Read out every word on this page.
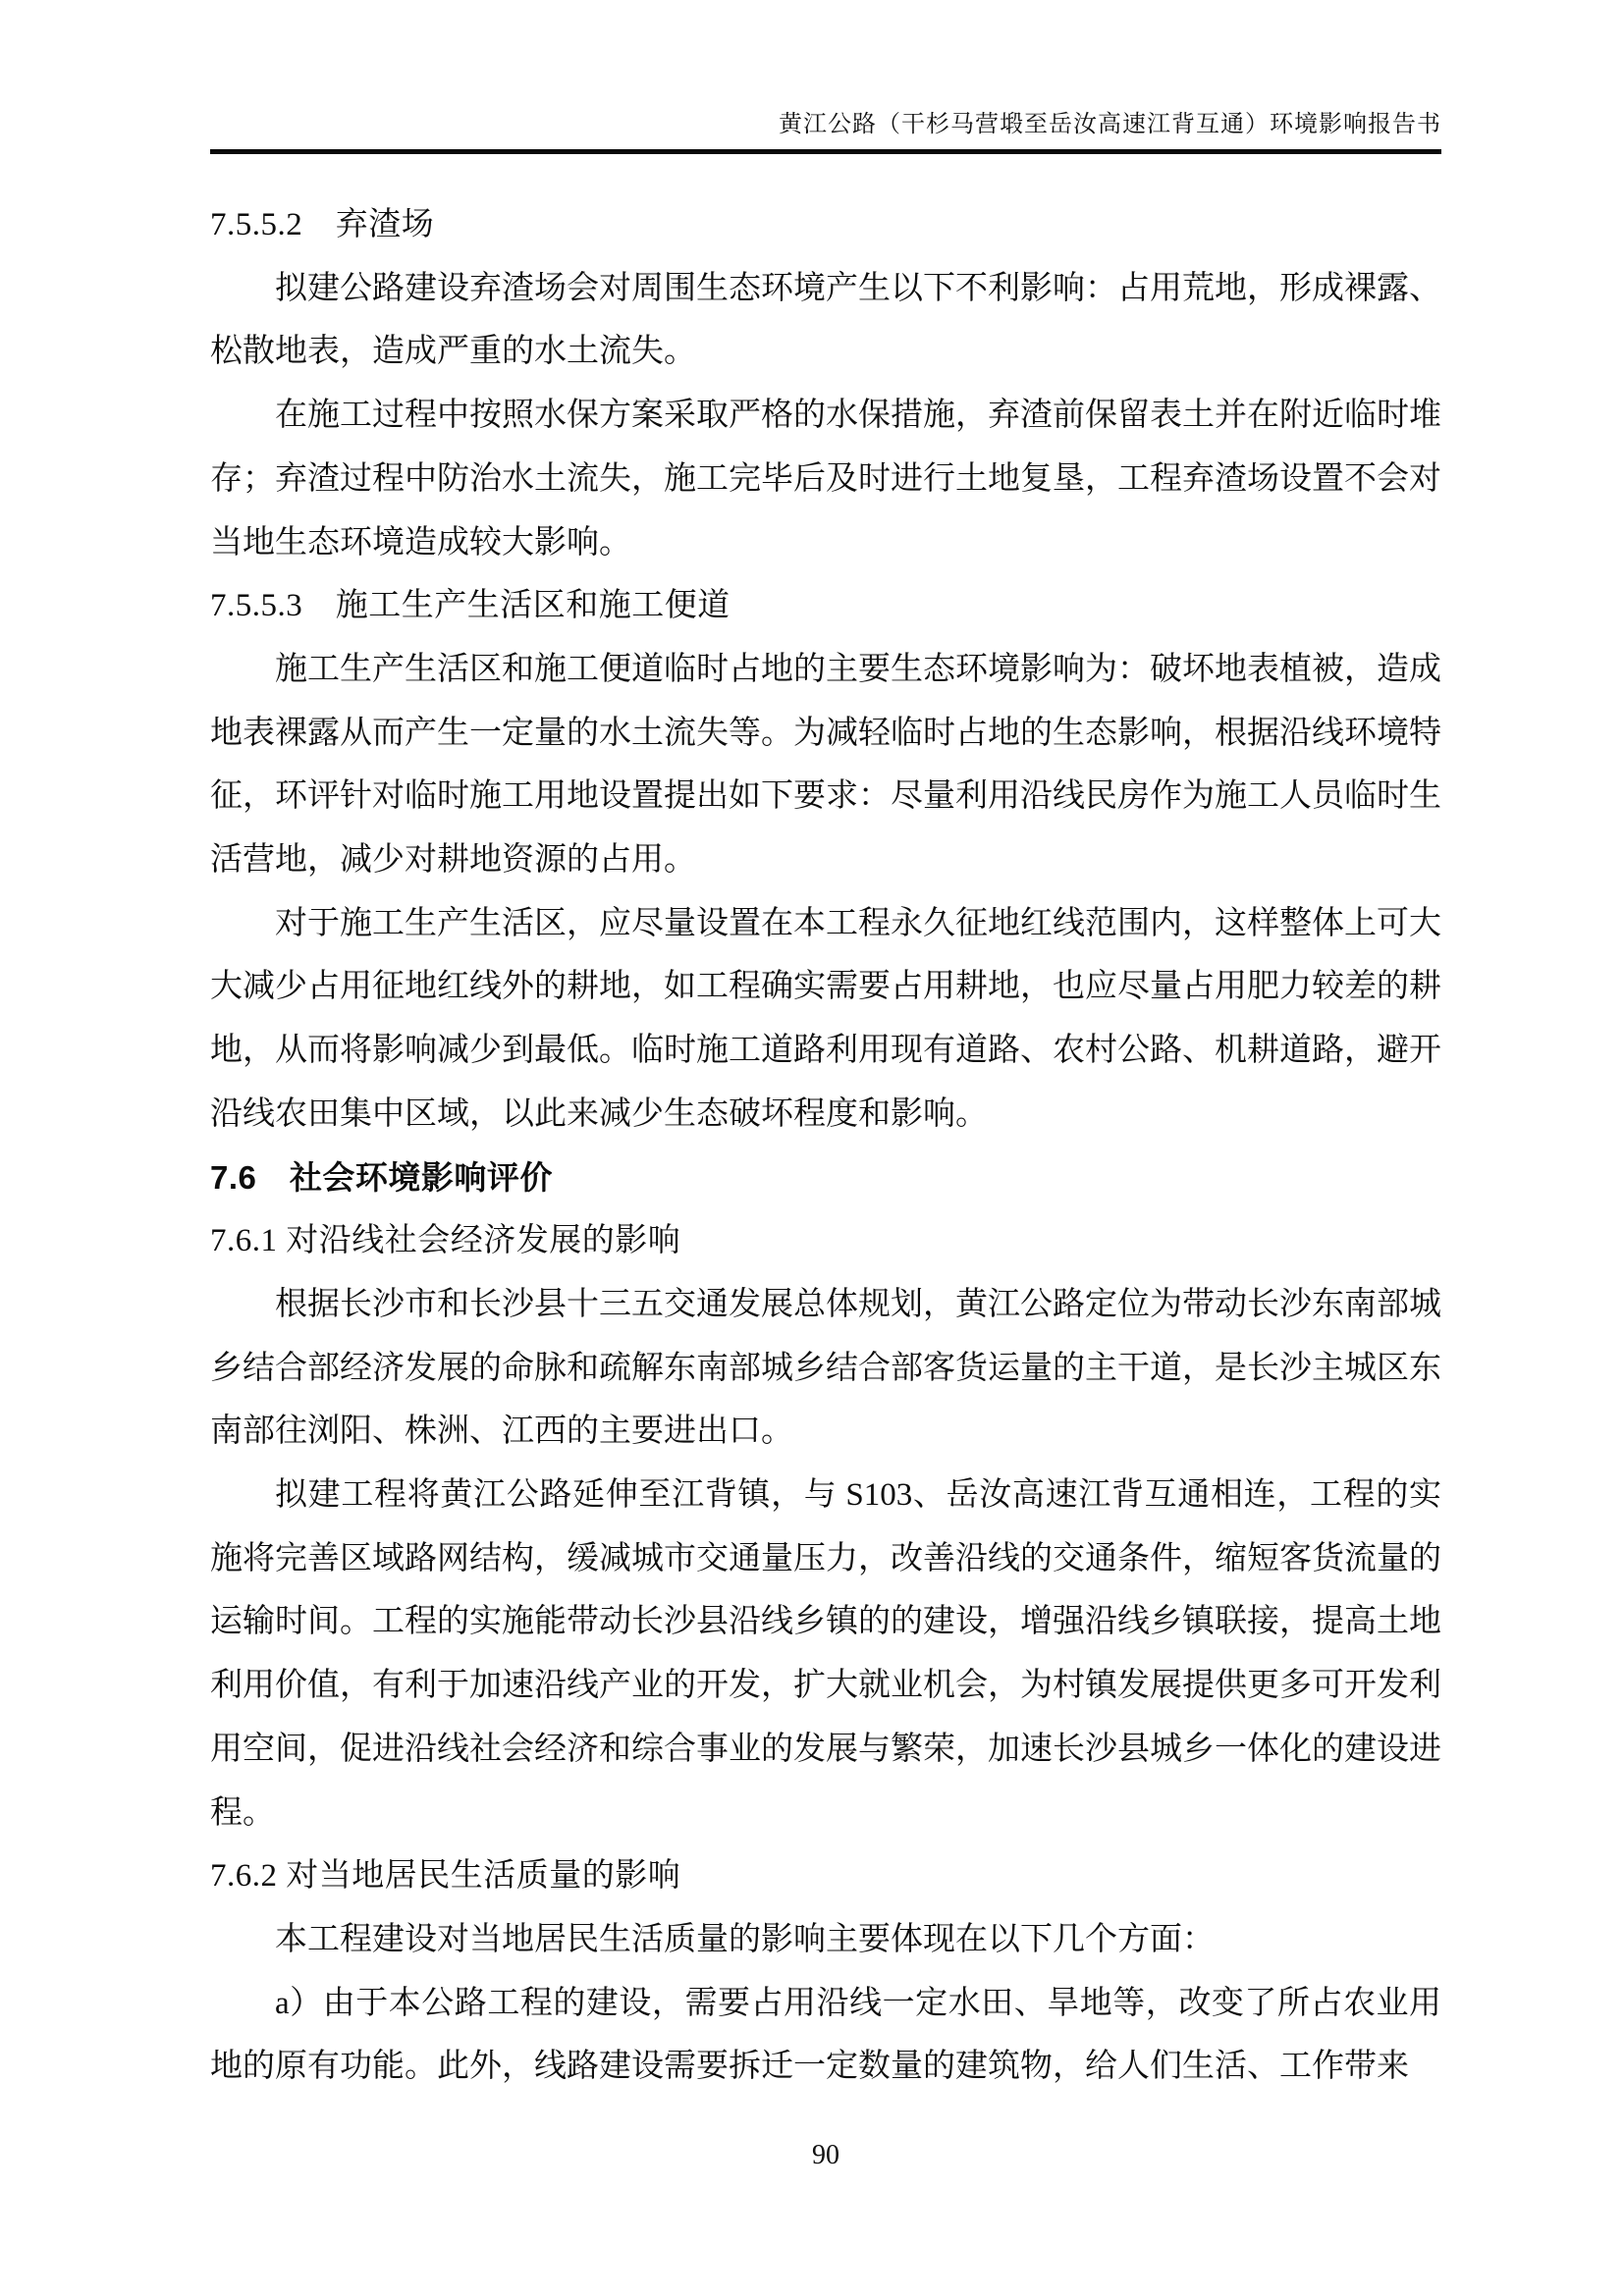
黄江公路（干杉马营塅至岳汝高速江背互通）环境影响报告书
7.5.5.2　弃渣场

拟建公路建设弃渣场会对周围生态环境产生以下不利影响：占用荒地，形成裸露、松散地表，造成严重的水土流失。

在施工过程中按照水保方案采取严格的水保措施，弃渣前保留表土并在附近临时堆存；弃渣过程中防治水土流失，施工完毕后及时进行土地复垦，工程弃渣场设置不会对当地生态环境造成较大影响。

7.5.5.3　施工生产生活区和施工便道

施工生产生活区和施工便道临时占地的主要生态环境影响为：破坏地表植被，造成地表裸露从而产生一定量的水土流失等。为减轻临时占地的生态影响，根据沿线环境特征，环评针对临时施工用地设置提出如下要求：尽量利用沿线民房作为施工人员临时生活营地，减少对耕地资源的占用。

对于施工生产生活区，应尽量设置在本工程永久征地红线范围内，这样整体上可大大减少占用征地红线外的耕地，如工程确实需要占用耕地，也应尽量占用肥力较差的耕地，从而将影响减少到最低。临时施工道路利用现有道路、农村公路、机耕道路，避开沿线农田集中区域，以此来减少生态破坏程度和影响。

7.6　社会环境影响评价
7.6.1 对沿线社会经济发展的影响

根据长沙市和长沙县十三五交通发展总体规划，黄江公路定位为带动长沙东南部城乡结合部经济发展的命脉和疏解东南部城乡结合部客货运量的主干道，是长沙主城区东南部往浏阳、株洲、江西的主要进出口。

拟建工程将黄江公路延伸至江背镇，与 S103、岳汝高速江背互通相连，工程的实施将完善区域路网结构，缓减城市交通量压力，改善沿线的交通条件，缩短客货流量的运输时间。工程的实施能带动长沙县沿线乡镇的的建设，增强沿线乡镇联接，提高土地利用价值，有利于加速沿线产业的开发，扩大就业机会，为村镇发展提供更多可开发利用空间，促进沿线社会经济和综合事业的发展与繁荣，加速长沙县城乡一体化的建设进程。

7.6.2 对当地居民生活质量的影响

本工程建设对当地居民生活质量的影响主要体现在以下几个方面：

a）由于本公路工程的建设，需要占用沿线一定水田、旱地等，改变了所占农业用地的原有功能。此外，线路建设需要拆迁一定数量的建筑物，给人们生活、工作带来

90
